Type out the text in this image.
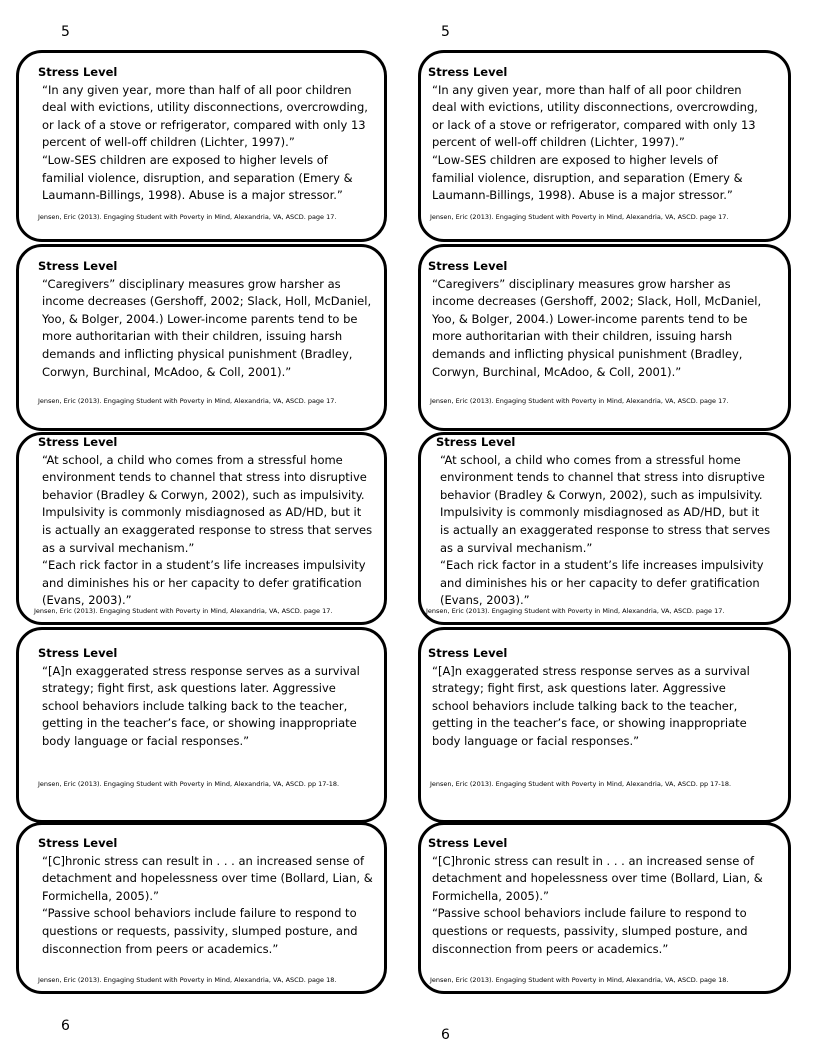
5	5
6
6
Stress Level
“In any given year, more than half of all poor children
deal with evictions, utility disconnections, overcrowding,
or lack of a stove or refrigerator, compared with only 13
percent of well-off children (Lichter, 1997).”
“Low-SES children are exposed to higher levels of
familial violence, disruption, and separation (Emery &
Laumann-Billings, 1998). Abuse is a major stressor.”
Jensen, Eric (2013). Engaging Student with Poverty in Mind, Alexandria, VA, ASCD. page 17.
Stress Level
“In any given year, more than half of all poor children
deal with evictions, utility disconnections, overcrowding,
or lack of a stove or refrigerator, compared with only 13
percent of well-off children (Lichter, 1997).”
“Low-SES children are exposed to higher levels of
familial violence, disruption, and separation (Emery &
Laumann-Billings, 1998). Abuse is a major stressor.”
Jensen, Eric (2013). Engaging Student with Poverty in Mind, Alexandria, VA, ASCD. page 17.
Stress Level
“Caregivers” disciplinary measures grow harsher as
income decreases (Gershoff, 2002; Slack, Holl, McDaniel,
Yoo, & Bolger, 2004.) Lower-income parents tend to be
more authoritarian with their children, issuing harsh
demands and inflicting physical punishment (Bradley,
Corwyn, Burchinal, McAdoo, & Coll, 2001).”
Jensen, Eric (2013). Engaging Student with Poverty in Mind, Alexandria, VA, ASCD. page 17.
Stress Level
“Caregivers” disciplinary measures grow harsher as
income decreases (Gershoff, 2002; Slack, Holl, McDaniel,
Yoo, & Bolger, 2004.) Lower-income parents tend to be
more authoritarian with their children, issuing harsh
demands and inflicting physical punishment (Bradley,
Corwyn, Burchinal, McAdoo, & Coll, 2001).”
Jensen, Eric (2013). Engaging Student with Poverty in Mind, Alexandria, VA, ASCD. page 17.
Stress Level
“At school, a child who comes from a stressful home
environment tends to channel that stress into disruptive
behavior (Bradley & Corwyn, 2002), such as impulsivity.
Impulsivity is commonly misdiagnosed as AD/HD, but it
is actually an exaggerated response to stress that serves
as a survival mechanism.”
“Each rick factor in a student’s life increases impulsivity
and diminishes his or her capacity to defer gratification
(Evans, 2003).”
Jensen, Eric (2013). Engaging Student with Poverty in Mind, Alexandria, VA, ASCD. page 17.
Stress Level
“At school, a child who comes from a stressful home
environment tends to channel that stress into disruptive
behavior (Bradley & Corwyn, 2002), such as impulsivity.
Impulsivity is commonly misdiagnosed as AD/HD, but it
is actually an exaggerated response to stress that serves
as a survival mechanism.”
“Each rick factor in a student’s life increases impulsivity
and diminishes his or her capacity to defer gratification
(Evans, 2003).”
Jensen, Eric (2013). Engaging Student with Poverty in Mind, Alexandria, VA, ASCD. page 17.
Stress Level
“[A]n exaggerated stress response serves as a survival
strategy; fight first, ask questions later. Aggressive
school behaviors include talking back to the teacher,
getting in the teacher’s face, or showing inappropriate
body language or facial responses.”
Jensen, Eric (2013). Engaging Student with Poverty in Mind, Alexandria, VA, ASCD. pp 17-18.
Stress Level
“[A]n exaggerated stress response serves as a survival
strategy; fight first, ask questions later. Aggressive
school behaviors include talking back to the teacher,
getting in the teacher’s face, or showing inappropriate
body language or facial responses.”
Jensen, Eric (2013). Engaging Student with Poverty in Mind, Alexandria, VA, ASCD. pp 17-18.
Stress Level
“[C]hronic stress can result in . . . an increased sense of
detachment and hopelessness over time (Bollard, Lian, &
Formichella, 2005).”
“Passive school behaviors include failure to respond to
questions or requests, passivity, slumped posture, and
disconnection from peers or academics.”
Jensen, Eric (2013). Engaging Student with Poverty in Mind, Alexandria, VA, ASCD. page 18.
Stress Level
“[C]hronic stress can result in . . . an increased sense of
detachment and hopelessness over time (Bollard, Lian, &
Formichella, 2005).”
“Passive school behaviors include failure to respond to
questions or requests, passivity, slumped posture, and
disconnection from peers or academics.”
Jensen, Eric (2013). Engaging Student with Poverty in Mind, Alexandria, VA, ASCD. page 18.
